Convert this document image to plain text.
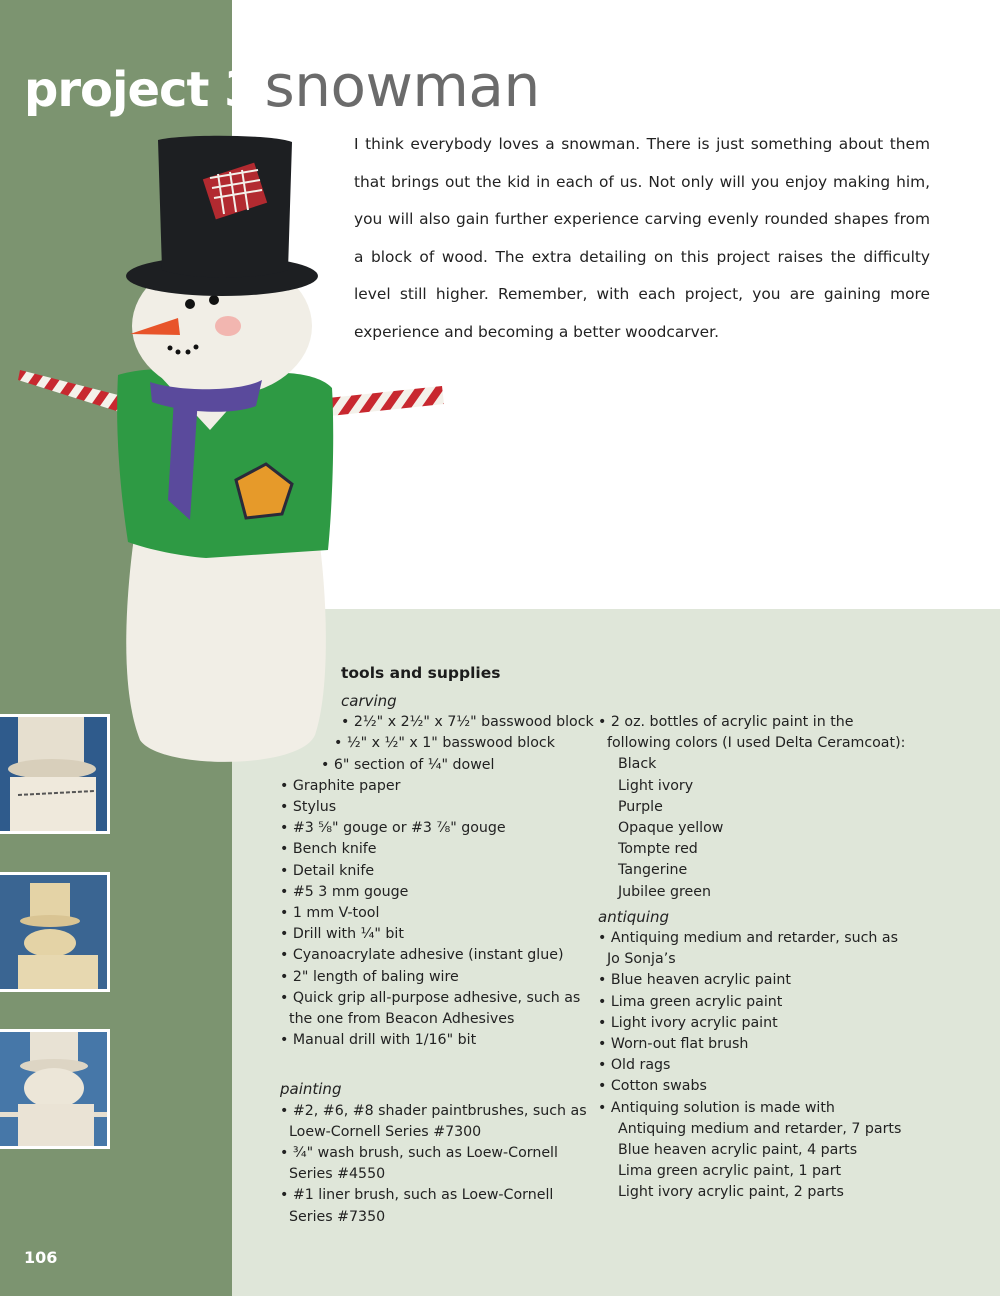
project 3 snowman

I think everybody loves a snowman. There is just something about them that brings out the kid in each of us. Not only will you enjoy making him, you will also gain further experience carving evenly rounded shapes from a block of wood. The extra detailing on this project raises the difficulty level still higher. Remember, with each project, you are gaining more experience and becoming a better woodcarver.

tools and supplies
carving
• 2½" x 2½" x 7½" basswood block
• ½" x ½" x 1" basswood block
• 6" section of ¼" dowel
• Graphite paper
• Stylus
• #3 ⅝" gouge or #3 ⅞" gouge
• Bench knife
• Detail knife
• #5 3 mm gouge
• 1 mm V-tool
• Drill with ¼" bit
• Cyanoacrylate adhesive (instant glue)
• 2" length of baling wire
• Quick grip all-purpose adhesive, such as
the one from Beacon Adhesives
• Manual drill with 1/16" bit
painting
• #2, #6, #8 shader paintbrushes, such as
Loew-Cornell Series #7300
• ¾" wash brush, such as Loew-Cornell
Series #4550
• #1 liner brush, such as Loew-Cornell
Series #7350
• 2 oz. bottles of acrylic paint in the
following colors (I used Delta Ceramcoat):
Black
Light ivory
Purple
Opaque yellow
Tompte red
Tangerine
Jubilee green
antiquing
• Antiquing medium and retarder, such as
Jo Sonja’s
• Blue heaven acrylic paint
• Lima green acrylic paint
• Light ivory acrylic paint
• Worn-out flat brush
• Old rags
• Cotton swabs
• Antiquing solution is made with
Antiquing medium and retarder, 7 parts
Blue heaven acrylic paint, 4 parts
Lima green acrylic paint, 1 part
Light ivory acrylic paint, 2 parts
106
